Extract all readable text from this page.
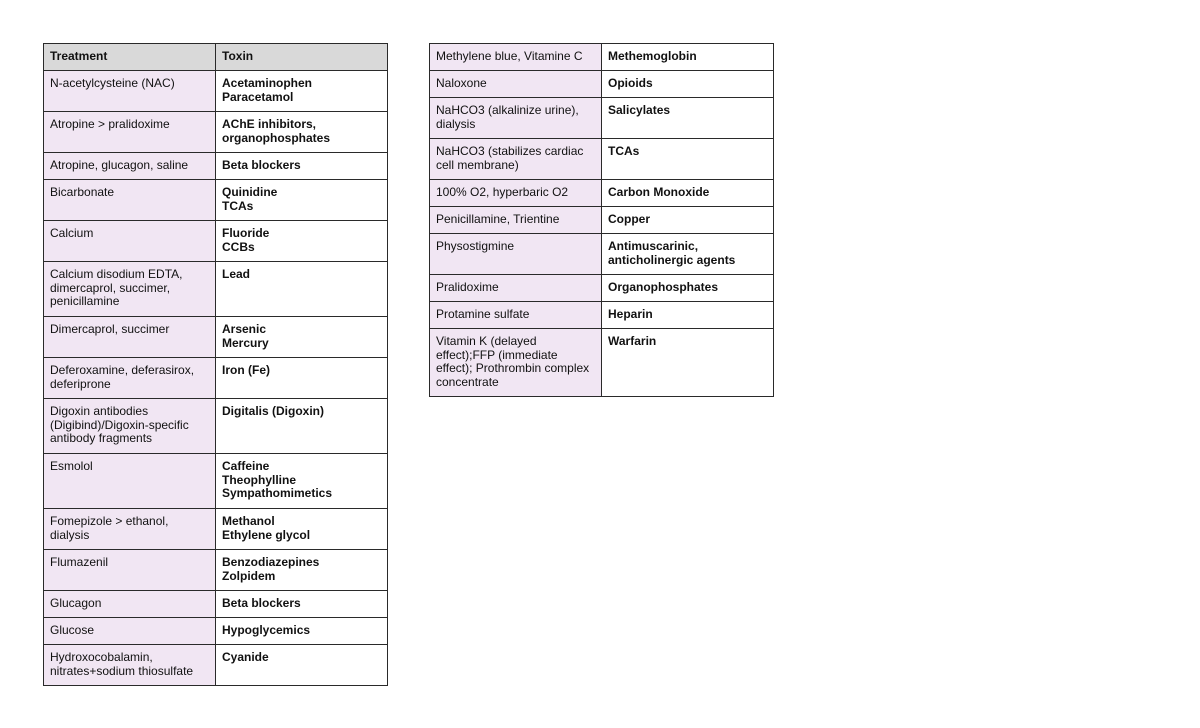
Treatment	Toxin

N-acetylcysteine (NAC)	Acetaminophen
Paracetamol

Atropine > pralidoxime	AChE inhibitors,
organophosphates

Atropine, glucagon, saline	Beta blockers

Bicarbonate	Quinidine
TCAs

Calcium	Fluoride
CCBs

Calcium disodium EDTA,
dimercaprol, succimer,
penicillamine	Lead

Dimercaprol, succimer	Arsenic
Mercury

Deferoxamine, deferasirox,
deferiprone	Iron (Fe)

Digoxin antibodies
(Digibind)/Digoxin-specific
antibody fragments	Digitalis (Digoxin)

Esmolol	Caffeine
Theophylline
Sympathomimetics

Fomepizole > ethanol,
dialysis	Methanol
Ethylene glycol

Flumazenil	Benzodiazepines
Zolpidem

Glucagon	Beta blockers

Glucose	Hypoglycemics

Hydroxocobalamin,
nitrates+sodium thiosulfate	Cyanide
Methylene blue, Vitamine C	Methemoglobin

Naloxone	Opioids

NaHCO3 (alkalinize urine),
dialysis	Salicylates

NaHCO3 (stabilizes cardiac
cell membrane)	TCAs

100% O2, hyperbaric O2	Carbon Monoxide

Penicillamine, Trientine	Copper

Physostigmine	Antimuscarinic,
anticholinergic agents

Pralidoxime	Organophosphates

Protamine sulfate	Heparin

Vitamin K (delayed
effect);FFP (immediate
effect); Prothrombin complex
concentrate	Warfarin
